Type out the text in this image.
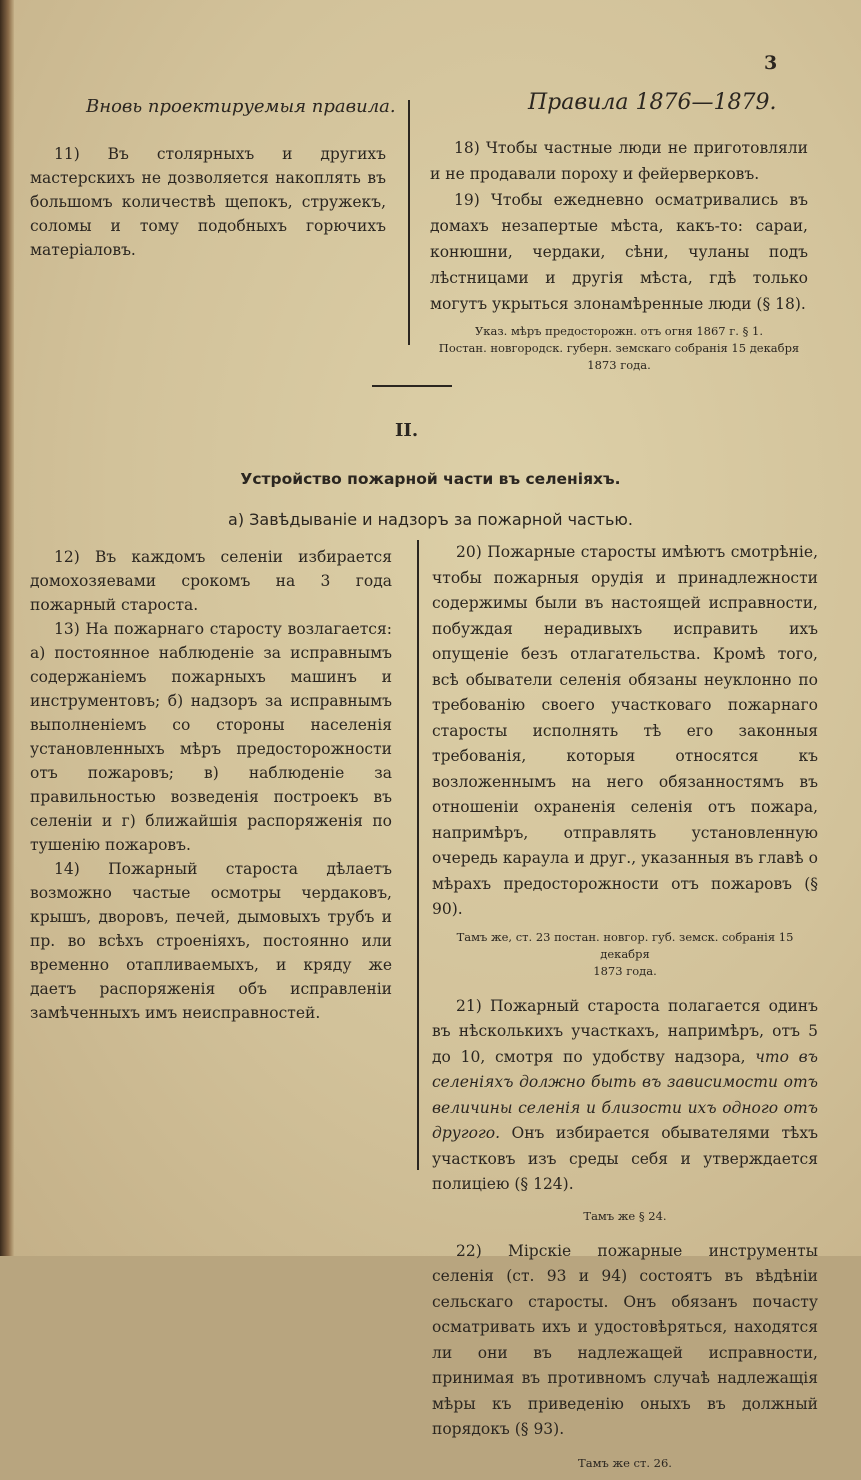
3
Вновь проектируемыя правила.	Правила 1876—1879.

11) Въ столярныхъ и другихъ мастерскихъ не дозволяется накоплять въ большомъ количествѣ щепокъ, стружекъ, соломы и тому подобныхъ горючихъ матеріаловъ.

18) Чтобы частные люди не приготовляли и не продавали пороху и фейерверковъ.

19) Чтобы ежедневно осматривались въ домахъ незапертые мѣста, какъ-то: сараи, конюшни, чердаки, сѣни, чуланы подъ лѣстницами и другія мѣста, гдѣ только могутъ укрыться злонамѣренные люди (§ 18).

Указ. мѣръ предосторожн. отъ огня 1867 г. § 1.
Постан. новгородск. губерн. земскаго собранія 15 декабря 1873 года.
II.
Устройство пожарной части въ селеніяхъ.
а) Завѣдываніе и надзоръ за пожарной частью.

12) Въ каждомъ селеніи избирается домохозяевами срокомъ на 3 года пожарный староста.

13) На пожарнаго старосту возлагается: а) постоянное наблюденіе за исправнымъ содержаніемъ пожарныхъ машинъ и инструментовъ; б) надзоръ за исправнымъ выполненіемъ со стороны населенія установленныхъ мѣръ предосторожности отъ пожаровъ; в) наблюденіе за правильностью возведенія построекъ въ селеніи и г) ближайшія распоряженія по тушенію пожаровъ.

14) Пожарный староста дѣлаетъ возможно частые осмотры чердаковъ, крышъ, дворовъ, печей, дымовыхъ трубъ и пр. во всѣхъ строеніяхъ, постоянно или временно отапливаемыхъ, и кряду же даетъ распоряженія объ исправленіи замѣченныхъ имъ неисправностей.

20) Пожарные старосты имѣютъ смотрѣніе, чтобы пожарныя орудія и принадлежности содержимы были въ настоящей исправности, побуждая нерадивыхъ исправить ихъ опущеніе безъ отлагательства. Кромѣ того, всѣ обыватели селенія обязаны неуклонно по требованію своего участковаго пожарнаго старосты исполнять тѣ его законныя требованія, которыя относятся къ возложеннымъ на него обязанностямъ въ отношеніи охраненія селенія отъ пожара, напримѣръ, отправлять установленную очередь караула и друг., указанныя въ главѣ о мѣрахъ предосторожности отъ пожаровъ (§ 90).

Тамъ же, ст. 23 постан. новгор. губ. земск. собранія 15 декабря
1873 года.

21) Пожарный староста полагается одинъ въ нѣсколькихъ участкахъ, напримѣръ, отъ 5 до 10, смотря по удобству надзора, что въ селеніяхъ должно быть въ зависимости отъ величины селенія и близости ихъ одного отъ другого. Онъ избирается обывателями тѣхъ участковъ изъ среды себя и утверждается полиціею (§ 124).

Тамъ же § 24.

22) Мірскіе пожарные инструменты селенія (ст. 93 и 94) состоятъ въ вѣдѣніи сельскаго старосты. Онъ обязанъ почасту осматривать ихъ и удостовѣряться, находятся ли они въ надлежащей исправности, принимая въ противномъ случаѣ надлежащія мѣры къ приведенію оныхъ въ должный порядокъ (§ 93).

Тамъ же ст. 26.
